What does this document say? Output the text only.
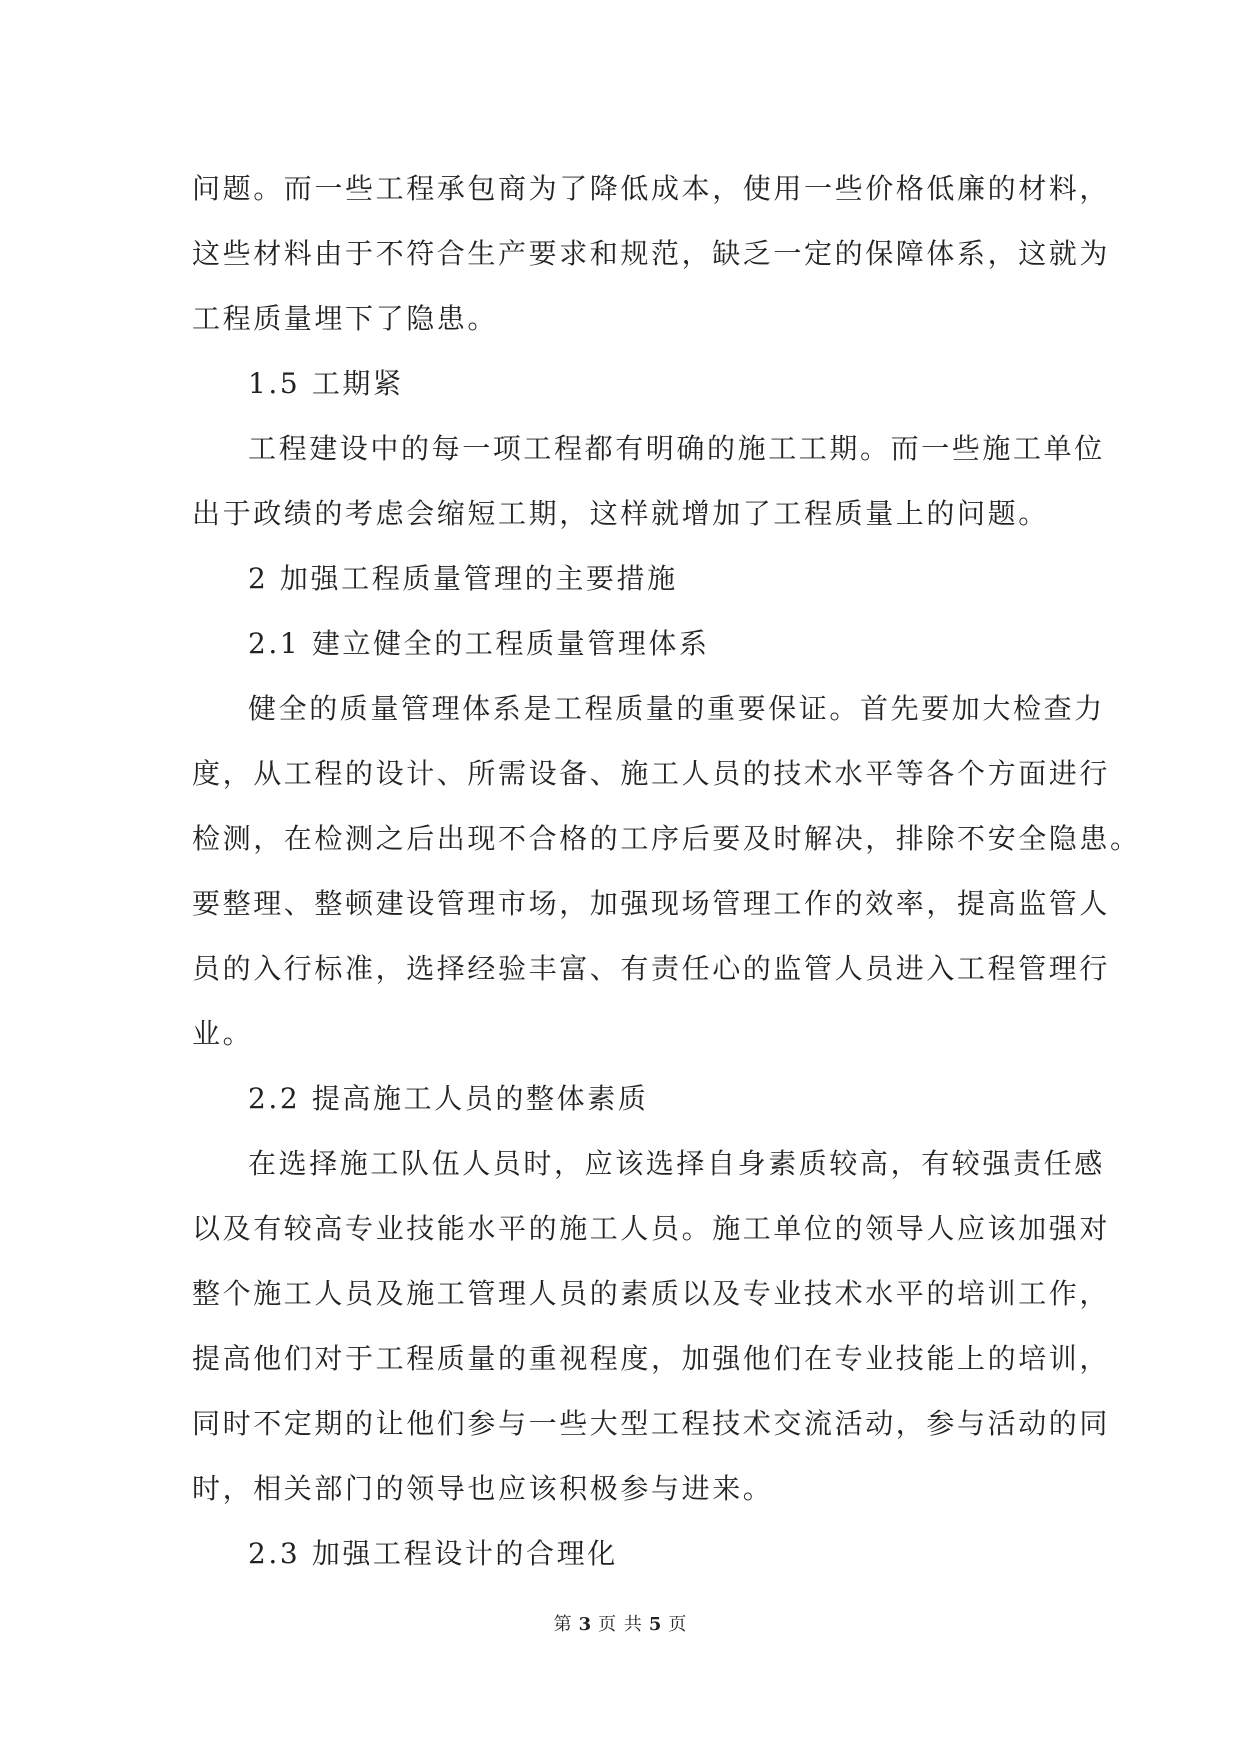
问题。而一些工程承包商为了降低成本，使用一些价格低廉的材料，
这些材料由于不符合生产要求和规范，缺乏一定的保障体系，这就为
工程质量埋下了隐患。
1.5 工期紧
工程建设中的每一项工程都有明确的施工工期。而一些施工单位
出于政绩的考虑会缩短工期，这样就增加了工程质量上的问题。
2 加强工程质量管理的主要措施
2.1 建立健全的工程质量管理体系
健全的质量管理体系是工程质量的重要保证。首先要加大检查力
度，从工程的设计、所需设备、施工人员的技术水平等各个方面进行
检测，在检测之后出现不合格的工序后要及时解决，排除不安全隐患。
要整理、整顿建设管理市场，加强现场管理工作的效率，提高监管人
员的入行标准，选择经验丰富、有责任心的监管人员进入工程管理行
业。
2.2 提高施工人员的整体素质
在选择施工队伍人员时，应该选择自身素质较高，有较强责任感
以及有较高专业技能水平的施工人员。施工单位的领导人应该加强对
整个施工人员及施工管理人员的素质以及专业技术水平的培训工作，
提高他们对于工程质量的重视程度，加强他们在专业技能上的培训，
同时不定期的让他们参与一些大型工程技术交流活动，参与活动的同
时，相关部门的领导也应该积极参与进来。
2.3 加强工程设计的合理化
第 3 页 共 5 页
